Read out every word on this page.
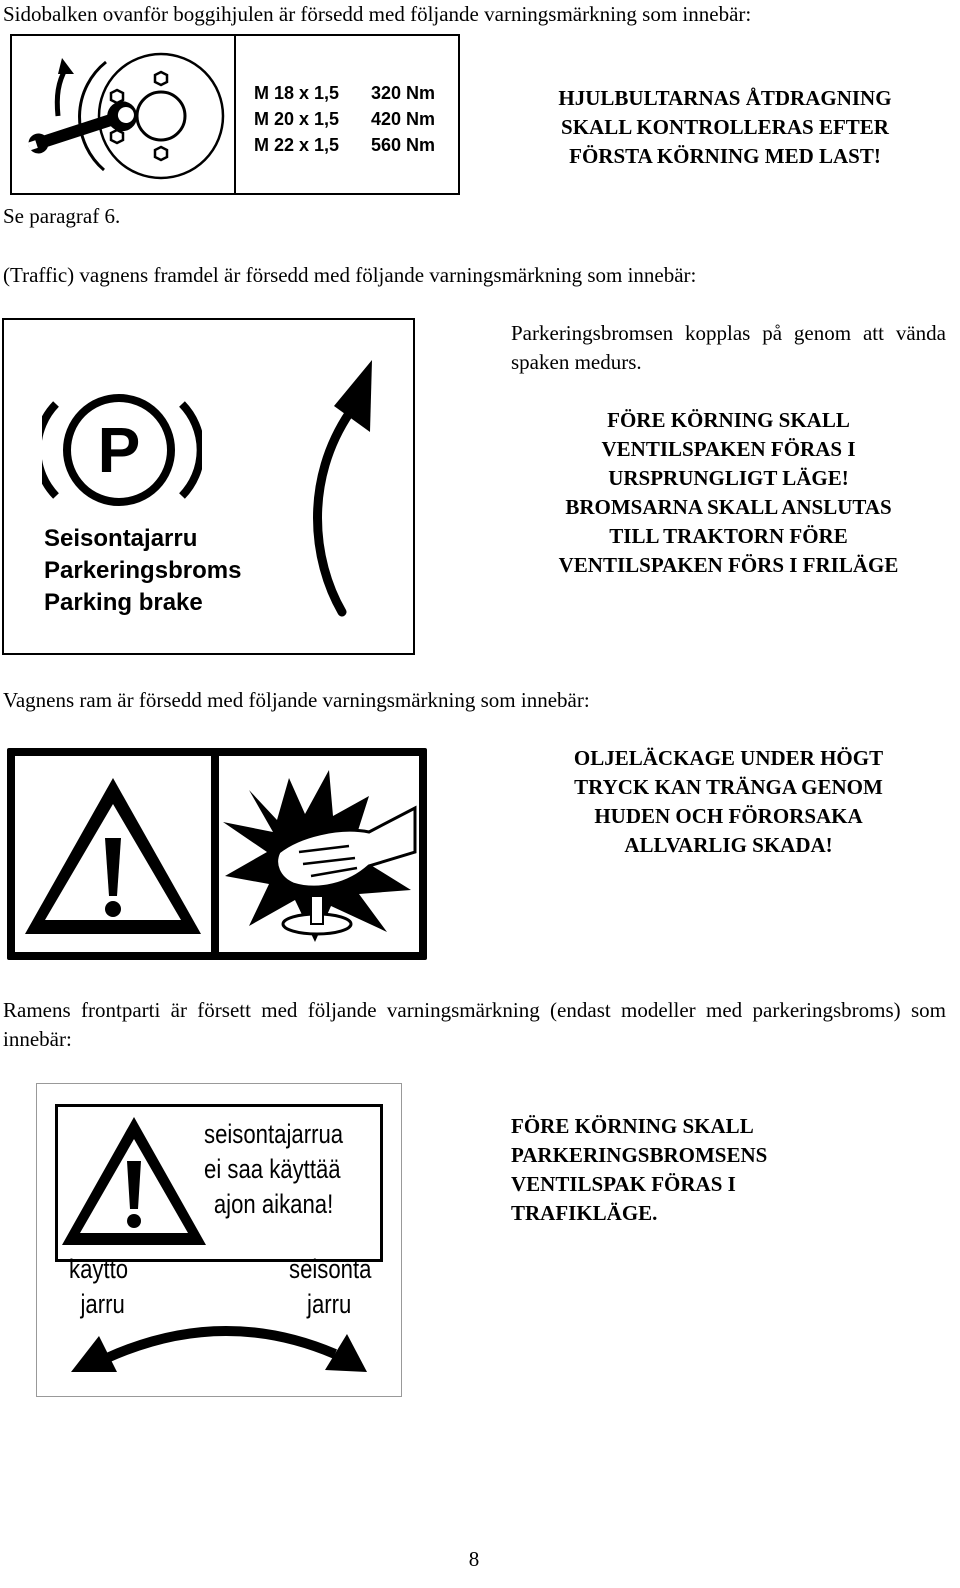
Sidobalken ovanför boggihjulen är försedd med följande varningsmärkning som innebär:
M 18 x 1,5 320 Nm
M 20 x 1,5 420 Nm
M 22 x 1,5 560 Nm
HJULBULTARNAS ÅTDRAGNING
SKALL KONTROLLERAS EFTER
FÖRSTA KÖRNING MED LAST!
Se paragraf 6.
(Traffic) vagnens framdel är försedd med följande varningsmärkning som innebär:
P
Seisontajarru
Parkeringsbroms
Parking brake
Parkeringsbromsen kopplas på genom att vända spaken medurs.
FÖRE KÖRNING SKALL
VENTILSPAKEN FÖRAS I
URSPRUNGLIGT LÄGE!
BROMSARNA SKALL ANSLUTAS
TILL TRAKTORN FÖRE
VENTILSPAKEN FÖRS I FRILÄGE
Vagnens ram är försedd med följande varningsmärkning som innebär:
OLJELÄCKAGE UNDER HÖGT
TRYCK KAN TRÄNGA GENOM
HUDEN OCH FÖRORSAKA
ALLVARLIG SKADA!
Ramens frontparti är försett med följande varningsmärkning (endast modeller med parkeringsbroms) som innebär:
seisontajarrua
ei saa käyttää
ajon aikana!
käyttö
jarru
seisonta
jarru
FÖRE KÖRNING SKALL
PARKERINGSBROMSENS
VENTILSPAK FÖRAS I
TRAFIKLÄGE.
8
